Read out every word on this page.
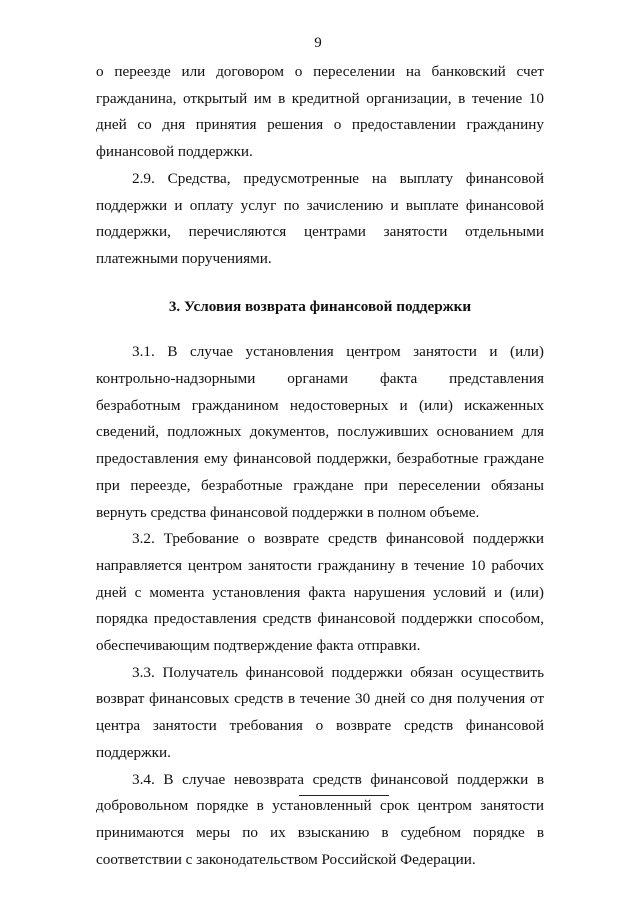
9

о переезде или договором о переселении на банковский счет гражданина, открытый им в кредитной организации, в течение 10 дней со дня принятия решения о предоставлении гражданину финансовой поддержки.

2.9. Средства, предусмотренные на выплату финансовой поддержки и оплату услуг по зачислению и выплате финансовой поддержки, перечисляются центрами занятости отдельными платежными поручениями.

3. Условия возврата финансовой поддержки

3.1. В случае установления центром занятости и (или) контрольно-надзорными органами факта представления безработным гражданином недостоверных и (или) искаженных сведений, подложных документов, послуживших основанием для предоставления ему финансовой поддержки, безработные граждане при переезде, безработные граждане при переселении обязаны вернуть средства финансовой поддержки в полном объеме.

3.2. Требование о возврате средств финансовой поддержки направляется центром занятости гражданину в течение 10 рабочих дней с момента установления факта нарушения условий и (или) порядка предоставления средств финансовой поддержки способом, обеспечивающим подтверждение факта отправки.

3.3. Получатель финансовой поддержки обязан осуществить возврат финансовых средств в течение 30 дней со дня получения от центра занятости требования о возврате средств финансовой поддержки.

3.4. В случае невозврата средств финансовой поддержки в добровольном порядке в установленный срок центром занятости принимаются меры по их взысканию в судебном порядке в соответствии с законодательством Российской Федерации.
